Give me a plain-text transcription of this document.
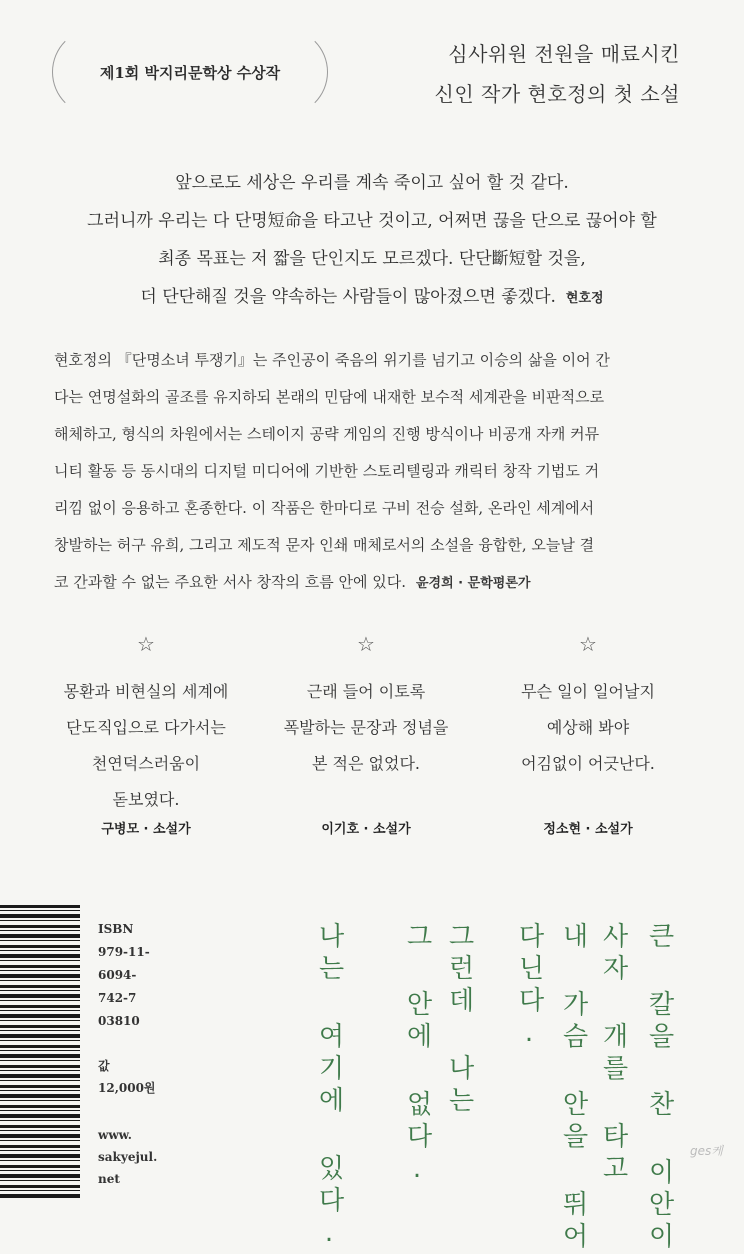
제1회 박지리문학상 수상작
심사위원 전원을 매료시킨
신인 작가 현호정의 첫 소설
앞으로도 세상은 우리를 계속 죽이고 싶어 할 것 같다.
그러니까 우리는 다 단명短命을 타고난 것이고, 어쩌면 끊을 단으로 끊어야 할
최종 목표는 저 짧을 단인지도 모르겠다. 단단斷短할 것을,
더 단단해질 것을 약속하는 사람들이 많아졌으면 좋겠다. 현호정
현호정의 『단명소녀 투쟁기』는 주인공이 죽음의 위기를 넘기고 이승의 삶을 이어 간
다는 연명설화의 골조를 유지하되 본래의 민담에 내재한 보수적 세계관을 비판적으로
해체하고, 형식의 차원에서는 스테이지 공략 게임의 진행 방식이나 비공개 자캐 커뮤
니티 활동 등 동시대의 디지털 미디어에 기반한 스토리텔링과 캐릭터 창작 기법도 거
리낌 없이 응용하고 혼종한다. 이 작품은 한마디로 구비 전승 설화, 온라인 세계에서
창발하는 허구 유희, 그리고 제도적 문자 인쇄 매체로서의 소설을 융합한, 오늘날 결
코 간과할 수 없는 주요한 서사 창작의 흐름 안에 있다. 윤경희 · 문학평론가
☆	☆	☆
몽환과 비현실의 세계에
단도직입으로 다가서는
천연덕스러움이
돋보였다.
근래 들어 이토록
폭발하는 문장과 정념을
본 적은 없었다.
무슨 일이 일어날지
예상해 봐야
어김없이 어긋난다.
구병모 · 소설가	이기호 · 소설가	정소현 · 소설가
ISBN
979-11-
6094-
742-7
03810
값
12,000원
www.
sakyejul.
net	큰 칼을 찬 이안이
사자 개를 타고
내 가슴 안을 뛰어
다닌다.
그런데 나는
그 안에 없다.
나는 여기에 있다.	ges케
